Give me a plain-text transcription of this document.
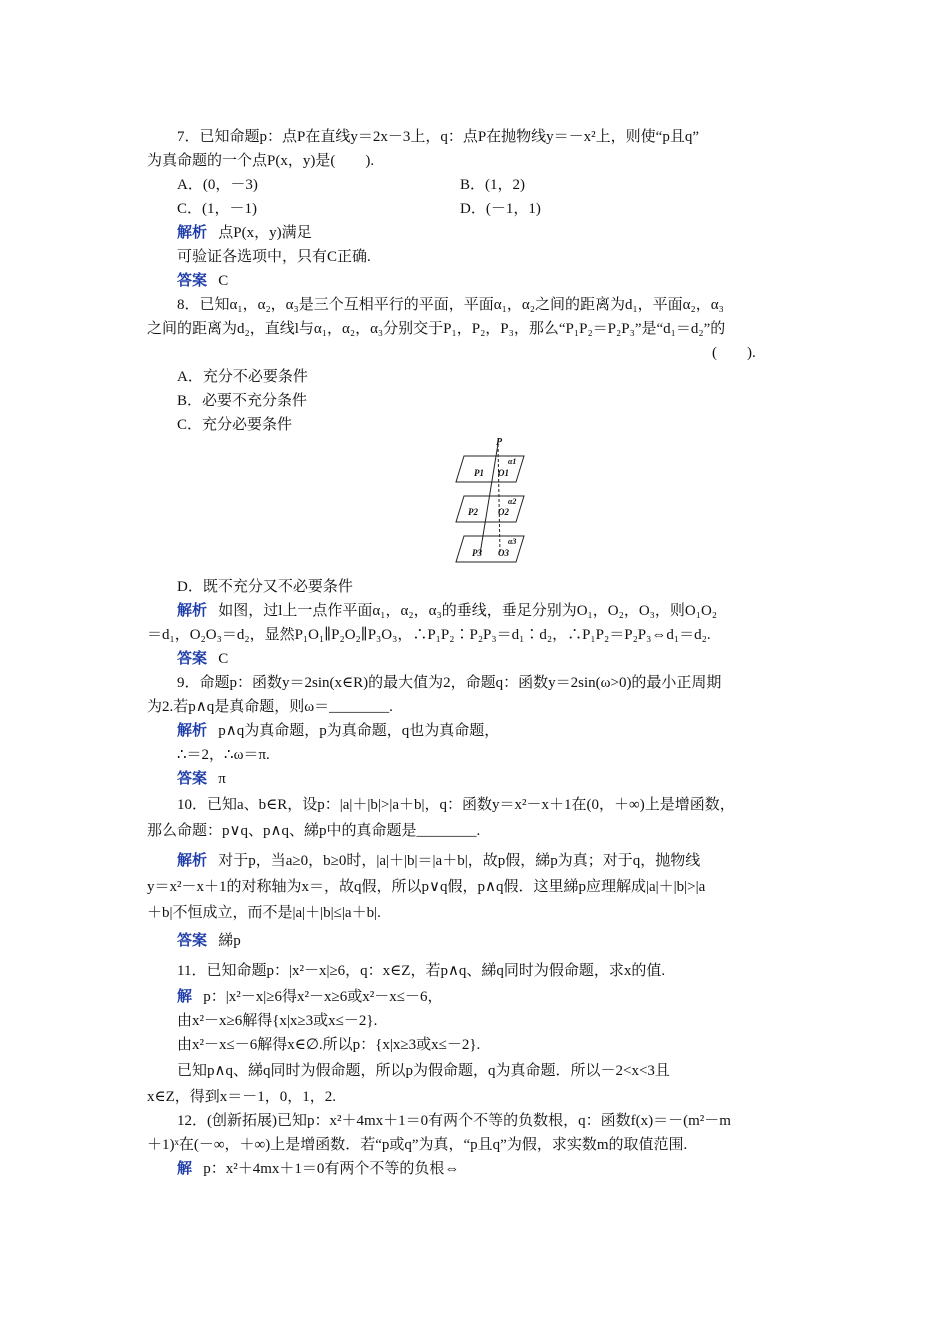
7．已知命题p：点P在直线y＝2x－3上，q：点P在抛物线y＝－x²上，则使“p且q”
为真命题的一个点P(x，y)是(　　).
A．(0，－3)	B．(1，2)
C．(1，－1)	D．(－1，1)
解析 点P(x，y)满足
可验证各选项中，只有C正确.
答案 C
8．已知α₁，α₂，α₃是三个互相平行的平面，平面α₁，α₂之间的距离为d₁，平面α₂，α₃
之间的距离为d₂，直线l与α₁，α₂，α₃分别交于P₁，P₂，P₃，那么“P₁P₂＝P₂P₃”是“d₁＝d₂”的
(　　).
A．充分不必要条件
B．必要不充分条件
C．充分必要条件
P
α1
P1 O1
α2
P2 O2
α3
P3 O3
D．既不充分又不必要条件
解析 如图，过l上一点作平面α₁，α₂，α₃的垂线，垂足分别为O₁，O₂，O₃，则O₁O₂
＝d₁，O₂O₃＝d₂，显然P₁O₁∥P₂O₂∥P₃O₃，∴P₁P₂∶P₂P₃＝d₁∶d₂，∴P₁P₂＝P₂P₃⇔d₁＝d₂.
答案 C
9．命题p：函数y＝2sin(x∈R)的最大值为2，命题q：函数y＝2sin(ω>0)的最小正周期
为2.若p∧q是真命题，则ω＝________.
解析 p∧q为真命题，p为真命题，q也为真命题，
∴＝2，∴ω＝π.
答案 π
10．已知a、b∈R，设p：|a|＋|b|>|a＋b|，q：函数y＝x²－x＋1在(0，＋∞)上是增函数，
那么命题：p∨q、p∧q、綈p中的真命题是________.
解析 对于p，当a≥0，b≥0时，|a|＋|b|＝|a＋b|，故p假，綈p为真；对于q，抛物线
y＝x²－x＋1的对称轴为x＝，故q假，所以p∨q假，p∧q假．这里綈p应理解成|a|＋|b|>|a
＋b|不恒成立，而不是|a|＋|b|≤|a＋b|.
答案 綈p
11．已知命题p：|x²－x|≥6，q：x∈Z，若p∧q、綈q同时为假命题，求x的值.
解 p：|x²－x|≥6得x²－x≥6或x²－x≤－6，
由x²－x≥6解得{x|x≥3或x≤－2}.
由x²－x≤－6解得x∈∅.所以p：{x|x≥3或x≤－2}.
已知p∧q、綈q同时为假命题，所以p为假命题，q为真命题．所以－2<x<3且
x∈Z，得到x＝－1，0，1，2.
12．(创新拓展)已知p：x²＋4mx＋1＝0有两个不等的负数根，q：函数f(x)＝－(m²－m
＋1)ˣ在(－∞，＋∞)上是增函数．若“p或q”为真，“p且q”为假，求实数m的取值范围.
解 p：x²＋4mx＋1＝0有两个不等的负根⇔
